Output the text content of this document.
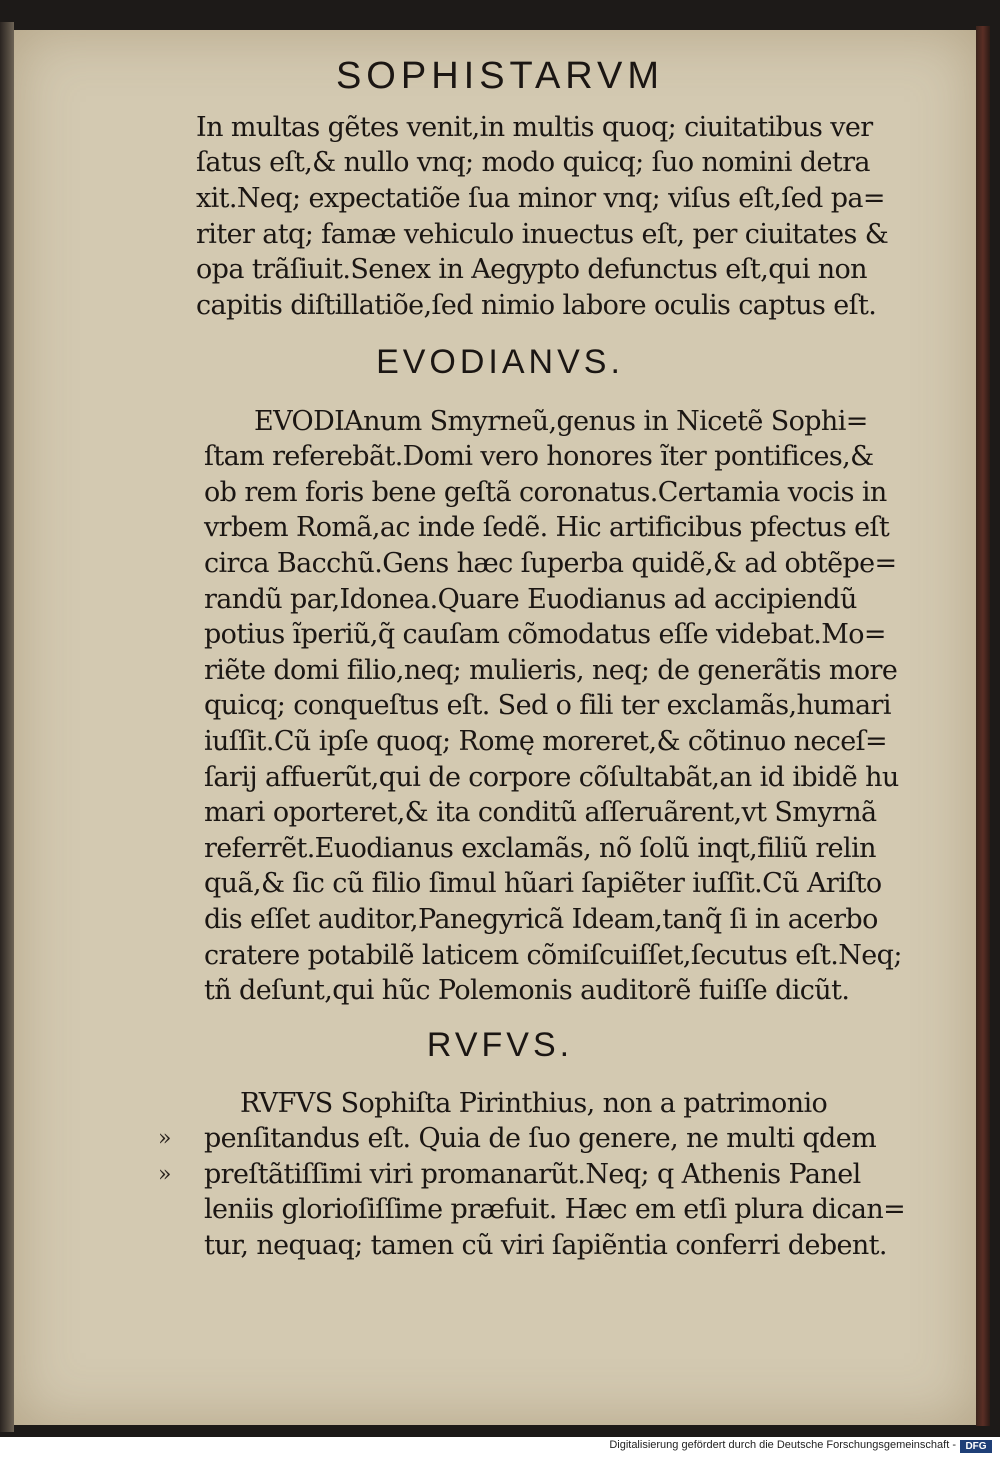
SOPHISTARVM

In multas gẽtes venit,in multis quoq; ciuitatibus ver

ſatus eſt,& nullo vnq; modo quicq; ſuo nomini detra

xit.Neq; expectatiõe ſua minor vnq; viſus eſt,ſed pa=

riter atq; famæ vehiculo inuectus eſt, per ciuitates &

opa trãſiuit.Senex in Aegypto defunctus eſt,qui non

capitis diſtillatiõe,ſed nimio labore oculis captus eſt.

EVODIANVS.

EVODIAnum Smyrneũ,genus in Nicetẽ Sophi=

ſtam referebãt.Domi vero honores ĩter pontifices,&

ob rem foris bene geſtã coronatus.Certamia vocis in

vrbem Romã,ac inde ſedẽ. Hic artificibus pfectus eſt

circa Bacchũ.Gens hæc ſuperba quidẽ,& ad obtẽpe=

randũ par,Idonea.Quare Euodianus ad accipiendũ

potius ĩperiũ,q̃ cauſam cõmodatus eſſe videbat.Mo=

riẽte domi filio,neq; mulieris, neq; de generãtis more

quicq; conqueſtus eſt. Sed o fili ter exclamãs,humari

iuſſit.Cũ ipſe quoq; Romę moreret,& cõtinuo neceſ=

ſarij affuerũt,qui de corpore cõſultabãt,an id ibidẽ hu

mari oporteret,& ita conditũ aſſeruãrent,vt Smyrnã

referrẽt.Euodianus exclamãs, nõ ſolũ inqt,filiũ relin

quã,& ſic cũ filio ſimul hũari ſapiẽter iuſſit.Cũ Ariſto

dis eſſet auditor,Panegyricã Ideam,tanq̃ ſi in acerbo

cratere potabilẽ laticem cõmiſcuiſſet,ſecutus eſt.Neq;

tñ deſunt,qui hũc Polemonis auditorẽ fuiſſe dicũt.

RVFVS.

RVFVS Sophiſta Pirinthius, non a patrimonio

» penſitandus eſt. Quia de ſuo genere, ne multi qdem

» preſtãtiſſimi viri promanarũt.Neq; q Athenis Panel

leniis glorioſiſſime præfuit. Hæc em etſi plura dican=

tur, nequaq; tamen cũ viri ſapiẽntia conferri debent.

Digitalisierung gefördert durch die Deutsche Forschungsgemeinschaft - DFG
